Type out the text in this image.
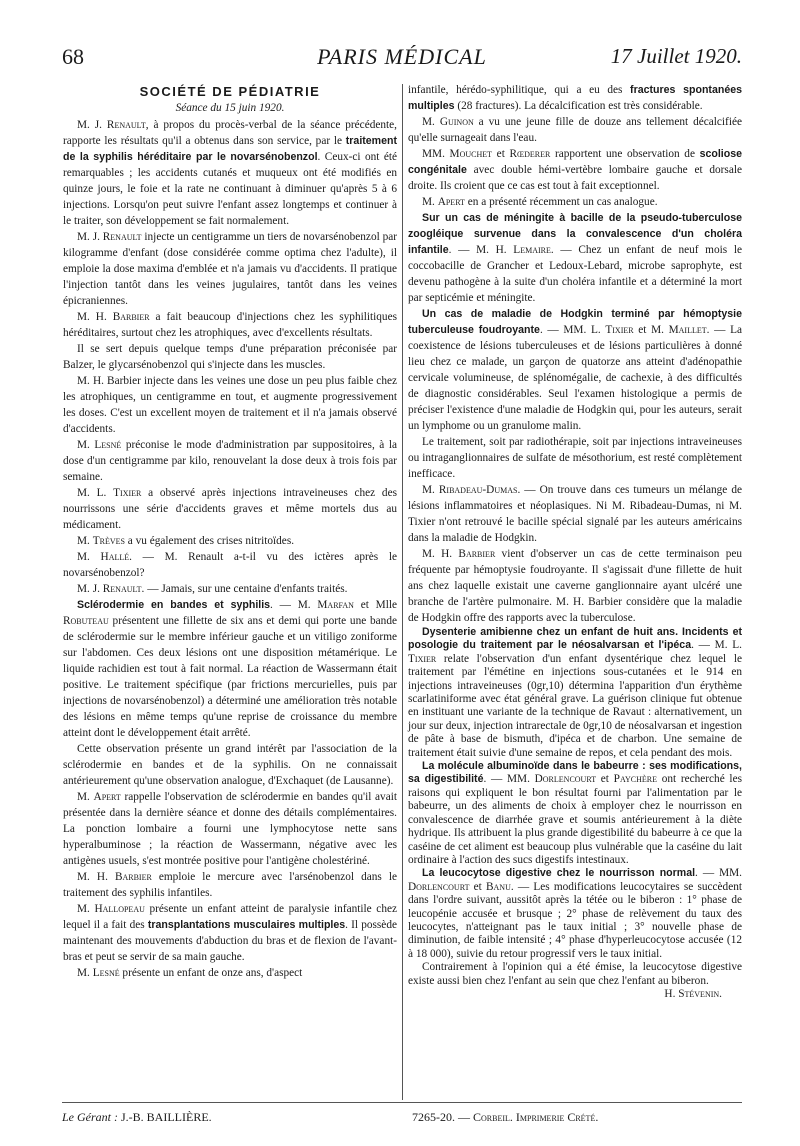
68	PARIS MÉDICAL	17 Juillet 1920.
SOCIÉTÉ DE PÉDIATRIE
Séance du 15 juin 1920.

M. J. Renault, à propos du procès-verbal de la séance précédente, rapporte les résultats qu'il a obtenus dans son service, par le traitement de la syphilis héréditaire par le novarsénobenzol. Ceux-ci ont été remarquables ; les accidents cutanés et muqueux ont été modifiés en quinze jours, le foie et la rate ne continuant à diminuer qu'après 5 à 6 injections. Lorsqu'on peut suivre l'enfant assez longtemps et continuer à le traiter, son développement se fait normalement.

M. J. Renault injecte un centigramme un tiers de novarsénobenzol par kilogramme d'enfant (dose considérée comme optima chez l'adulte), il emploie la dose maxima d'emblée et n'a jamais vu d'accidents. Il pratique l'injection tantôt dans les veines jugulaires, tantôt dans les veines épicraniennes.

M. H. Barbier a fait beaucoup d'injections chez les syphilitiques héréditaires, surtout chez les atrophiques, avec d'excellents résultats.

Il se sert depuis quelque temps d'une préparation préconisée par Balzer, le glycarsénobenzol qui s'injecte dans les muscles.

M. H. Barbier injecte dans les veines une dose un peu plus faible chez les atrophiques, un centigramme en tout, et augmente progressivement les doses. C'est un excellent moyen de traitement et il n'a jamais observé d'accidents.

M. Lesné préconise le mode d'administration par suppositoires, à la dose d'un centigramme par kilo, renouvelant la dose deux à trois fois par semaine.

M. L. Tixier a observé après injections intraveineuses chez des nourrissons une série d'accidents graves et même mortels dus au médicament.

M. Trèves a vu également des crises nitritoïdes.

M. Hallé. — M. Renault a-t-il vu des ictères après le novarsénobenzol?

M. J. Renault. — Jamais, sur une centaine d'enfants traités.

Sclérodermie en bandes et syphilis. — M. Marfan et Mlle Robuteau présentent une fillette de six ans et demi qui porte une bande de sclérodermie sur le membre inférieur gauche et un vitiligo zoniforme sur l'abdomen. Ces deux lésions ont une disposition métamérique. Le liquide rachidien est tout à fait normal. La réaction de Wassermann était positive. Le traitement spécifique (par frictions mercurielles, puis par injections de novarsénobenzol) a déterminé une amélioration très notable des lésions en même temps qu'une reprise de croissance du membre atteint dont le développement était arrêté.

Cette observation présente un grand intérêt par l'association de la sclérodermie en bandes et de la syphilis. On ne connaissait antérieurement qu'une observation analogue, d'Exchaquet (de Lausanne).

M. Apert rappelle l'observation de sclérodermie en bandes qu'il avait présentée dans la dernière séance et donne des détails complémentaires. La ponction lombaire a fourni une lymphocytose nette sans hyperalbuminose ; la réaction de Wassermann, négative avec les antigènes usuels, s'est montrée positive pour l'antigène cholestériné.

M. H. Barbier emploie le mercure avec l'arsénobenzol dans le traitement des syphilis infantiles.

M. Hallopeau présente un enfant atteint de paralysie infantile chez lequel il a fait des transplantations musculaires multiples. Il possède maintenant des mouvements d'abduction du bras et de flexion de l'avant-bras et peut se servir de sa main gauche.

M. Lesné présente un enfant de onze ans, d'aspect

infantile, hérédo-syphilitique, qui a eu des fractures spontanées multiples (28 fractures). La décalcification est très considérable.

M. Guinon a vu une jeune fille de douze ans tellement décalcifiée qu'elle surnageait dans l'eau.

MM. Mouchet et Rœderer rapportent une observation de scoliose congénitale avec double hémi-vertèbre lombaire gauche et dorsale droite. Ils croient que ce cas est tout à fait exceptionnel.

M. Apert en a présenté récemment un cas analogue.

Sur un cas de méningite à bacille de la pseudo-tuberculose zoogléique survenue dans la convalescence d'un choléra infantile. — M. H. Lemaire. — Chez un enfant de neuf mois le coccobacille de Grancher et Ledoux-Lebard, microbe saprophyte, est devenu pathogène à la suite d'un choléra infantile et a déterminé la mort par septicémie et méningite.

Un cas de maladie de Hodgkin terminé par hémoptysie tuberculeuse foudroyante. — MM. L. Tixier et M. Maillet. — La coexistence de lésions tuberculeuses et de lésions particulières à donné lieu chez ce malade, un garçon de quatorze ans atteint d'adénopathie cervicale volumineuse, de splénomégalie, de cachexie, à des difficultés de diagnostic considérables. Seul l'examen histologique a permis de préciser l'existence d'une maladie de Hodgkin qui, pour les auteurs, serait un lymphome ou un granulome malin.

Le traitement, soit par radiothérapie, soit par injections intraveineuses ou intraganglionnaires de sulfate de mésothorium, est resté complètement inefficace.

M. Ribadeau-Dumas. — On trouve dans ces tumeurs un mélange de lésions inflammatoires et néoplasiques. Ni M. Ribadeau-Dumas, ni M. Tixier n'ont retrouvé le bacille spécial signalé par les auteurs américains dans la maladie de Hodgkin.

M. H. Barbier vient d'observer un cas de cette terminaison peu fréquente par hémoptysie foudroyante. Il s'agissait d'une fillette de huit ans chez laquelle existait une caverne ganglionnaire ayant ulcéré une branche de l'artère pulmonaire. M. H. Barbier considère que la maladie de Hodgkin offre des rapports avec la tuberculose.

Dysenterie amibienne chez un enfant de huit ans. Incidents et posologie du traitement par le néosalvarsan et l'ipéca. — M. L. Tixier relate l'observation d'un enfant dysentérique chez lequel le traitement par l'émétine en injections sous-cutanées et le 914 en injections intraveineuses (0gr,10) détermina l'apparition d'un érythème scarlatiniforme avec état général grave. La guérison clinique fut obtenue en instituant une variante de la technique de Ravaut : alternativement, un jour sur deux, injection intrarectale de 0gr,10 de néosalvarsan et ingestion de pâte à base de bismuth, d'ipéca et de charbon. Une semaine de traitement était suivie d'une semaine de repos, et cela pendant des mois.

La molécule albuminoïde dans le babeurre : ses modifications, sa digestibilité. — MM. Dorlencourt et Paychère ont recherché les raisons qui expliquent le bon résultat fourni par l'alimentation par le babeurre, un des aliments de choix à employer chez le nourrisson en convalescence de diarrhée grave et soumis antérieurement à la diète hydrique. Ils attribuent la plus grande digestibilité du babeurre à ce que la caséine de cet aliment est beaucoup plus vulnérable que la caséine du lait ordinaire à l'action des sucs digestifs intestinaux.

La leucocytose digestive chez le nourrisson normal. — MM. Dorlencourt et Banu. — Les modifications leucocytaires se succèdent dans l'ordre suivant, aussitôt après la tétée ou le biberon : 1° phase de leucopénie accusée et brusque ; 2° phase de relèvement du taux des leucocytes, n'atteignant pas le taux initial ; 3° nouvelle phase de diminution, de faible intensité ; 4° phase d'hyperleucocytose accusée (12 à 18 000), suivie du retour progressif vers le taux initial.

Contrairement à l'opinion qui a été émise, la leucocytose digestive existe aussi bien chez l'enfant au sein que chez l'enfant au biberon.

H. Stévenin.
Le Gérant : J.-B. BAILLIÈRE.	7265-20. — Corbeil. Imprimerie Crété.
